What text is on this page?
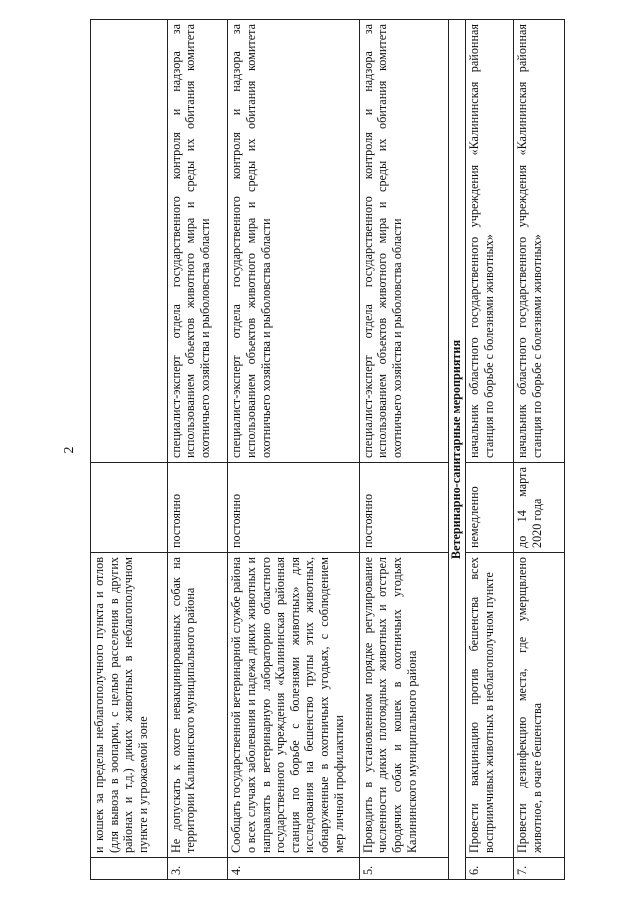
2
	и кошек за пределы неблагополучного пункта и отлов (для вывоза в зоопарки, с целью расселения в других районах и т.д.) диких животных в неблагополучном пункте и угрожаемой зоне		
3.	Не допускать к охоте невакцинированных собак на территории Калининского муниципального района	постоянно	специалист-эксперт отдела государственного контроля и надзора за использованием объектов животного мира и среды их обитания комитета охотничьего хозяйства и рыболовства области
4.	Сообщать государственной ветеринарной службе района о всех случаях заболевания и падежа диких животных и направлять в ветеринарную лабораторию областного государственного учреждения «Калининская районная станция по борьбе с болезнями животных» для исследования на бешенство трупы этих животных, обнаруженные в охотничьих угодьях, с соблюдением мер личной профилактики	постоянно	специалист-эксперт отдела государственного контроля и надзора за использованием объектов животного мира и среды их обитания комитета охотничьего хозяйства и рыболовства области
5.	Проводить в установленном порядке регулирование численности диких плотоядных животных и отстрел бродячих собак и кошек в охотничьих угодьях Калининского муниципального района	постоянно	специалист-эксперт отдела государственного контроля и надзора за использованием объектов животного мира и среды их обитания комитета охотничьего хозяйства и рыболовства области
Ветеринарно-санитарные мероприятия			
6.	Провести вакцинацию против бешенства всех восприимчивых животных в неблагополучном пункте	немедленно	начальник областного государственного учреждения «Калининская районная станция по борьбе с болезнями животных»
7.	Провести дезинфекцию места, где умерщвлено животное, в очаге бешенства	до 14 марта 2020 года	начальник областного государственного учреждения «Калининская районная станция по борьбе с болезнями животных»
